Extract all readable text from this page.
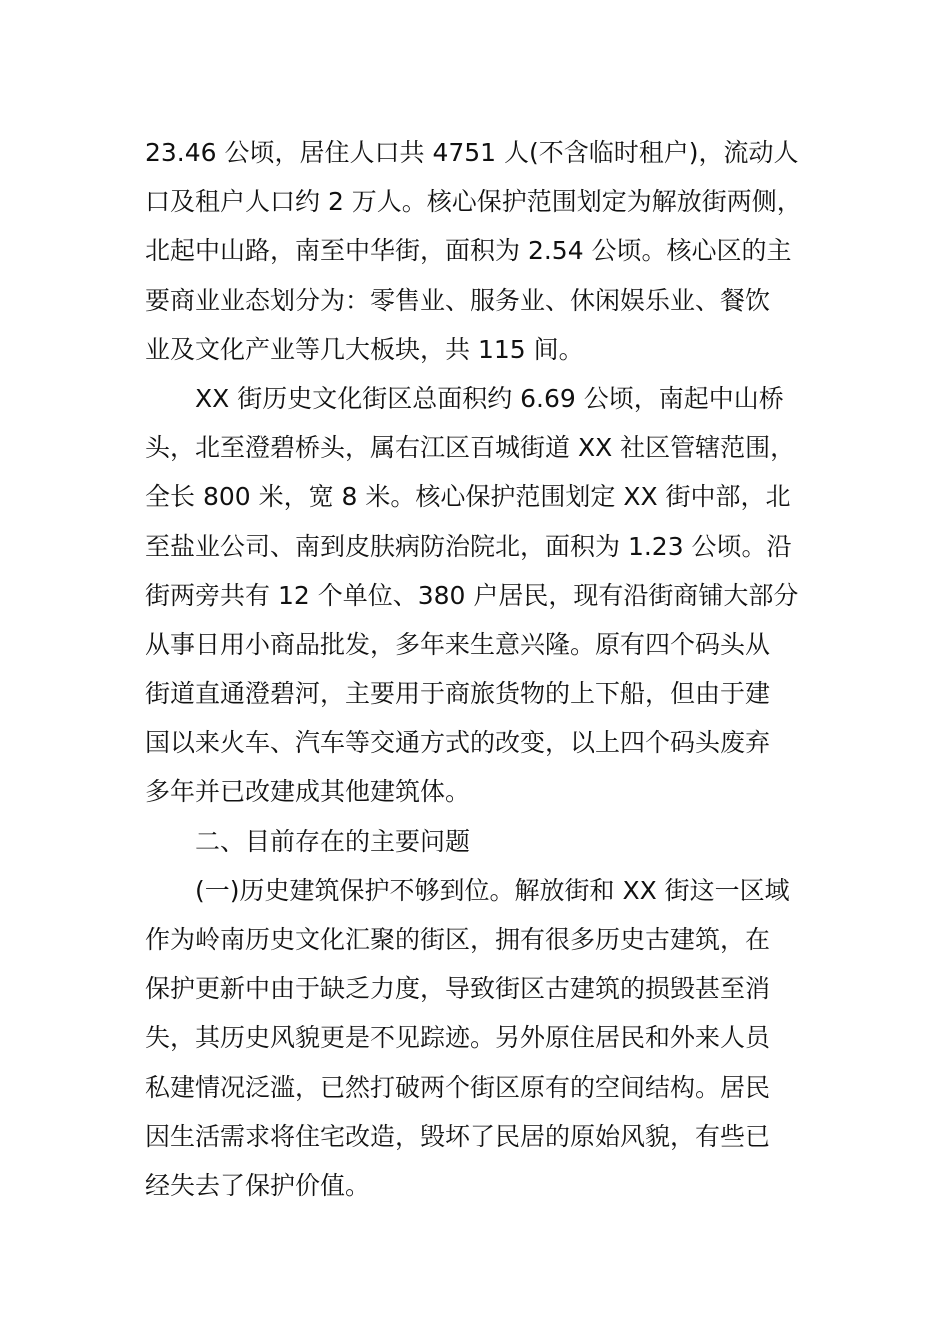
23.46 公顷，居住人口共 4751 人(不含临时租户)，流动人
口及租户人口约 2 万人。核心保护范围划定为解放街两侧，
北起中山路，南至中华街，面积为 2.54 公顷。核心区的主
要商业业态划分为：零售业、服务业、休闲娱乐业、餐饮
业及文化产业等几大板块，共 115 间。
XX 街历史文化街区总面积约 6.69 公顷，南起中山桥
头，北至澄碧桥头，属右江区百城街道 XX 社区管辖范围，
全长 800 米，宽 8 米。核心保护范围划定 XX 街中部，北
至盐业公司、南到皮肤病防治院北，面积为 1.23 公顷。沿
街两旁共有 12 个单位、380 户居民，现有沿街商铺大部分
从事日用小商品批发，多年来生意兴隆。原有四个码头从
街道直通澄碧河，主要用于商旅货物的上下船，但由于建
国以来火车、汽车等交通方式的改变，以上四个码头废弃
多年并已改建成其他建筑体。
二、目前存在的主要问题
(一)历史建筑保护不够到位。解放街和 XX 街这一区域
作为岭南历史文化汇聚的街区，拥有很多历史古建筑，在
保护更新中由于缺乏力度，导致街区古建筑的损毁甚至消
失，其历史风貌更是不见踪迹。另外原住居民和外来人员
私建情况泛滥，已然打破两个街区原有的空间结构。居民
因生活需求将住宅改造，毁坏了民居的原始风貌，有些已
经失去了保护价值。
